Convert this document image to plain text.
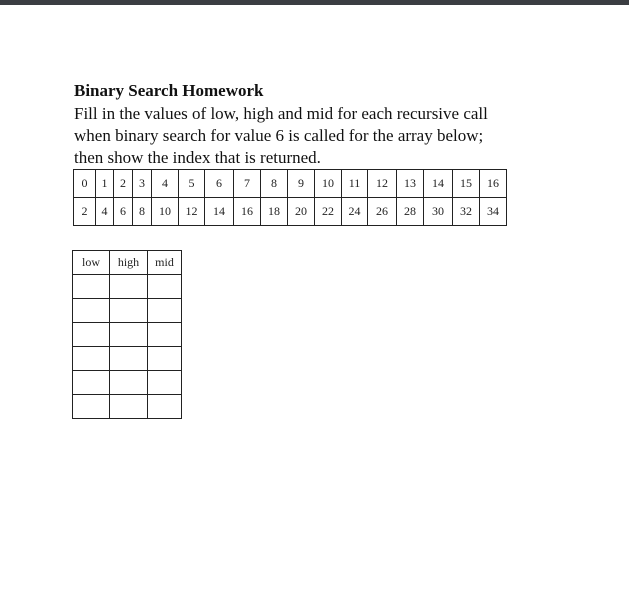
Binary Search Homework
Fill in the values of low, high and mid for each recursive call
when binary search for value 6 is called for the array below;
then show the index that is returned.
0	1	2	3	4	5	6	7	8	9	10	11	12	13	14	15	16
2	4	6	8	10	12	14	16	18	20	22	24	26	28	30	32	34
low	high	mid
